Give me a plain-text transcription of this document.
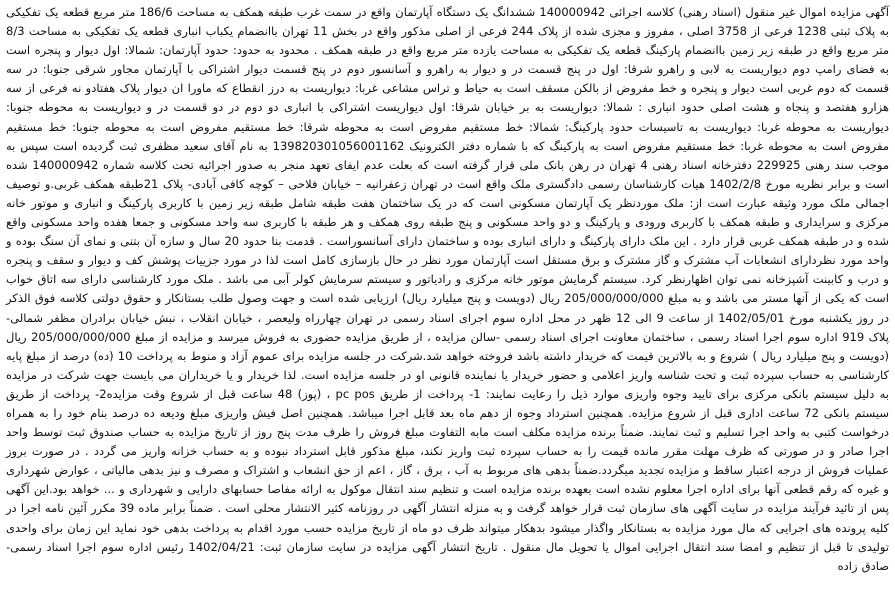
آگهی مزایده اموال غیر منقول (اسناد رهنی) کلاسه اجرائی 140000942 ششدانگ یک دستگاه آپارتمان واقع در سمت غرب طبقه همکف به مساحت 186/6 متر مربع قطعه یک تفکیکی به پلاک ثبتی 1238 فرعی از 3758 اصلی ، مفروز و مجزی شده از پلاک 244 فرعی از اصلی مذکور واقع در بخش 11 تهران باانضمام یکباب انباری قطعه یک تفکیکی به مساحت 8/3 متر مربع واقع در طبقه زیر زمین باانضمام پارکینگ قطعه یک تفکیکی به مساحت یازده متر مربع واقع در طبقه همکف . محدود به حدود: حدود آپارتمان: شمالا: اول دیوار و پنجره است به فضای رامپ دوم دیواریست به لابی و راهرو شرقا: اول در پنج قسمت در و دیوار به راهرو و آسانسور دوم در پنج قسمت دیوار اشتراکی با آپارتمان مجاور شرقی جنوبا: در سه قسمت که دوم غربی است دیوار و پنجره و خط مفروض از بالکن مسقف است به حیاط و تراس مشاعی غربا: دیواریست به درز انقطاع که ماورا ان دیوار پلاک هفتادو نه فرعی از سه هزارو هفتصد و پنجاه و هشت اصلی حدود انباری : شمالا: دیواریست به بر خیابان شرقا: اول دیواریست اشتراکی با انباری دو دوم در دو قسمت در و دیواریست به محوطه جنوبا: دیواریست به محوطه غربا: دیواریست به تاسیسات حدود پارکینگ: شمالا: خط مستقیم مفروض است به محوطه شرقا: خط مستقیم مفروض است به محوطه جنوبا: خط مستقیم مفروض است به محوطه غربا: خط مستقیم مفروض است به پارکینگ که با شماره دفتر الکترونیک 139820301056001162 به نام آقای سعید مظفری ثبت گردیده است سپس به موجب سند رهنی 229925 دفترخانه اسناد رهنی 4 تهران در رهن بانک ملی قرار گرفته است که بعلت عدم ایفای تعهد منجر به صدور اجرائیه تحت کلاسه شماره 140000942 شده است و برابر نظریه مورخ 1402/2/8 هیات کارشناسان رسمی دادگستری ملک واقع است در تهران زعفرانیه – خیابان فلاحی – کوچه کافی آبادی- پلاک 21طبقه همکف غربی.و توصیف اجمالی ملک مورد وثیقه عبارت است از: ملک موردنظر یک آپارتمان مسکونی است که در یک ساختمان هفت طبقه شامل طبقه زیر زمین با کاربری پارکینگ و انباری و موتور خانه مرکزی و سرایداری و طبقه همکف با کاربری ورودی و پارکینگ و دو واحد مسکونی و پنج طبقه روی همکف و هر طبقه با کاربری سه واحد مسکونی و جمعا هفده واحد مسکونی واقع شده و در طبقه همکف غربی قرار دارد . این ملک دارای پارکینگ و دارای انباری بوده و ساختمان دارای آسانسوراست . قدمت بنا حدود 20 سال و سازه آن بتنی و نمای آن سنگ بوده و واحد مورد نظردارای انشعابات آب مشترک و گاز مشترک و برق مستقل است آپارتمان مورد نظر در حال بازسازی کامل است لذا در مورد جزییات پوشش کف و دیوار و سقف و پنجره و درب و کابینت آشپزخانه نمی توان اظهارنظر کرد. سیستم گرمایش موتور خانه مرکزی و رادیاتور و سیستم سرمایش کولر آبی می باشد . ملک مورد کارشناسی دارای سه اتاق خواب است که یکی از آنها مستر می باشد و به مبلغ 205/000/000/000 ریال (دویست و پنج میلیارد ریال) ارزیابی شده است و جهت وصول طلب بستانکار و حقوق دولتی کلاسه فوق الذکر در روز یکشنبه مورخ 1402/05/01 از ساعت 9 الی 12 ظهر در محل اداره سوم اجرای اسناد رسمی در تهران چهارراه ولیعصر ، خیابان انقلاب ، نبش خیابان برادران مظفر شمالی- پلاک 919 اداره سوم اجرا اسناد رسمی ، ساختمان معاونت اجرای اسناد رسمی -سالن مزایده ، از طریق مزایده حضوری به فروش میرسد و مزایده از مبلغ 205/000/000/000 ریال (دویست و پنج میلیارد ریال ) شروع و به بالاترین قیمت که خریدار داشته باشد فروخته خواهد شد.شرکت در جلسه مزایده برای عموم آزاد و منوط به پرداخت 10 (ده) درصد از مبلغ پایه کارشناسی به حساب سپرده ثبت و تحت شناسه واریز اعلامی و حضور خریدار یا نماینده قانونی او در جلسه مزایده است. لذا خریدار و یا خریداران می بایست جهت شرکت در مزایده به دلیل سیستم بانکی مرکزی برای تایید وجوه واریزی موارد ذیل را رعایت نمایند: 1- پرداخت از طریق pc pos ، (پوز) 48 ساعت قبل از شروع وقت مزایده2- پرداخت از طریق سیستم بانکی 72 ساعت اداری قبل از شروع مزایده. همچنین استرداد وجوه از دهم ماه بعد قابل اجرا میباشد. همچنین اصل فیش واریزی مبلغ ودیعه ده درصد بنام خود را به همراه درخواست کتبی به واحد اجرا تسلیم و ثبت نمایند. ضمناً برنده مزایده مکلف است مابه التفاوت مبلغ فروش را ظرف مدت پنج روز از تاریخ مزایده به حساب صندوق ثبت توسط واحد اجرا صادر و در صورتی که ظرف مهلت مقرر مانده قیمت را به حساب سپرده ثبت واریز نکند، مبلغ مذکور قابل استرداد نبوده و به حساب خزانه واریز می گردد . در صورت بروز عملیات فروش از درجه اعتبار ساقط و مزایده تجدید میگردد.ضمناً بدهی های مربوط به آب ، برق ، گاز ، اعم از حق انشعاب و اشتراک و مصرف و نیز بدهی مالیاتی ، عوارض شهرداری و غیره که رقم قطعی آنها برای اداره اجرا معلوم نشده است بعهده برنده مزایده است و تنظیم سند انتقال موکول به ارائه مفاصا حسابهای دارایی و شهرداری و ... خواهد بود.این آگهی پس از تائید فرآیند مزایده در سایت آگهی های سازمان ثبت قرار خواهد گرفت و به منزله انتشار آگهی در روزنامه کثیر الانتشار محلی است . ضمناً برابر ماده 39 مکرر آئین نامه اجرا در کلیه پرونده های اجرایی که مال مورد مزایده به بستانکار واگذار میشود بدهکار میتواند ظرف دو ماه از تاریخ مزایده حسب مورد اقدام به پرداخت بدهی خود نماید این زمان برای واحدی تولیدی تا قبل از تنظیم و امضا سند انتقال اجرایی اموال یا تحویل مال منقول . تاریخ انتشار آگهی مزایده در سایت سازمان ثبت: 1402/04/21 رئیس اداره سوم اجرا اسناد رسمی- صادق زاده
